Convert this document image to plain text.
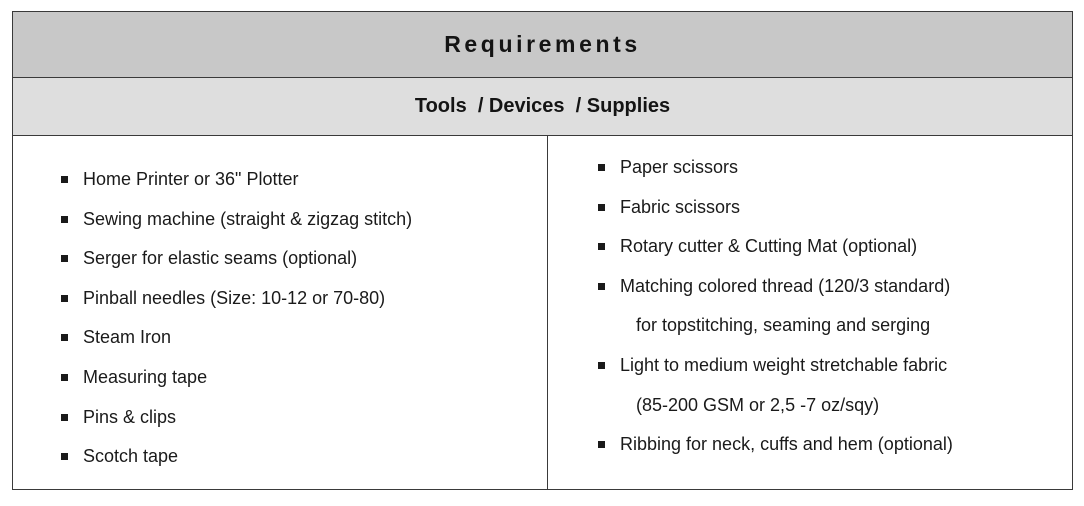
Requirements
Tools  / Devices  / Supplies
Home Printer or 36" Plotter
Sewing machine (straight & zigzag stitch)
Serger for elastic seams (optional)
Pinball needles (Size: 10-12 or 70-80)
Steam Iron
Measuring tape
Pins & clips
Scotch tape
Paper scissors
Fabric scissors
Rotary cutter & Cutting Mat (optional)
Matching colored thread (120/3 standard)
for topstitching, seaming and serging
Light to medium weight stretchable fabric
(85-200 GSM or 2,5 -7 oz/sqy)
Ribbing for neck, cuffs and hem (optional)
